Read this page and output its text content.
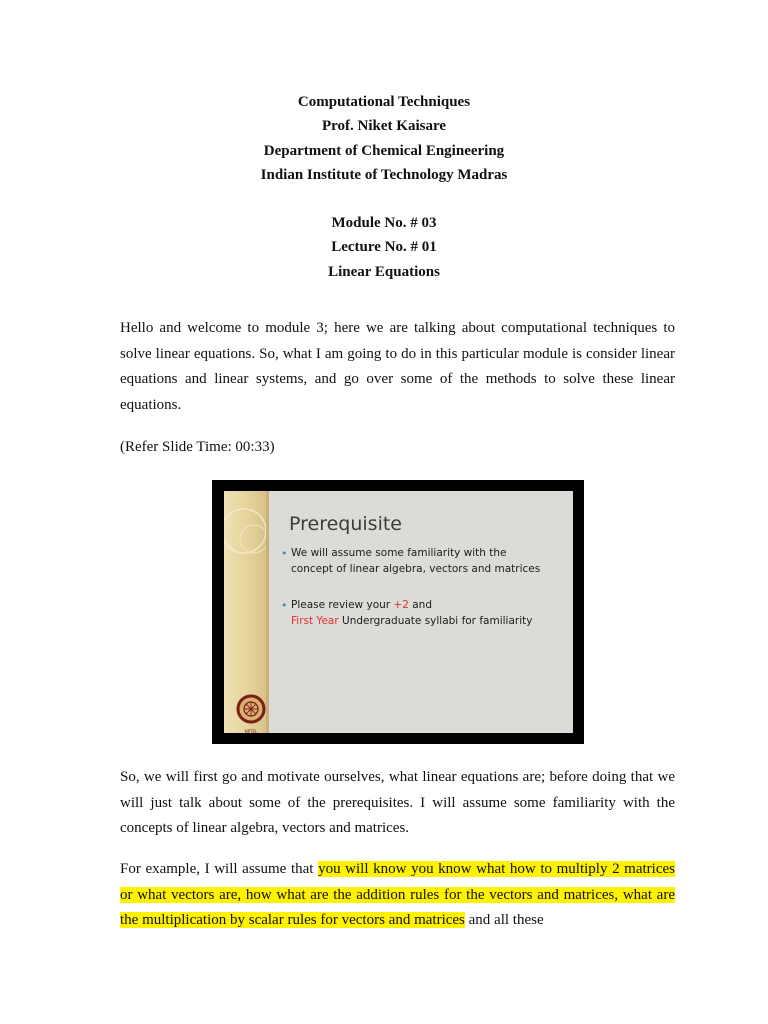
Computational Techniques
Prof. Niket Kaisare
Department of Chemical Engineering
Indian Institute of Technology Madras
Module No. # 03
Lecture No. # 01
Linear Equations
Hello and welcome to module 3; here we are talking about computational techniques to solve linear equations. So, what I am going to do in this particular module is consider linear equations and linear systems, and go over some of the methods to solve these linear equations.
(Refer Slide Time: 00:33)
Prerequisite
• We will assume some familiarity with the
concept of linear algebra, vectors and matrices
• Please review your +2 and
First Year Undergraduate syllabi for familiarity
NPTEL
So, we will first go and motivate ourselves, what linear equations are; before doing that we will just talk about some of the prerequisites. I will assume some familiarity with the concepts of linear algebra, vectors and matrices.
For example, I will assume that you will know you know what how to multiply 2 matrices or what vectors are, how what are the addition rules for the vectors and matrices, what are the multiplication by scalar rules for vectors and matrices and all these
